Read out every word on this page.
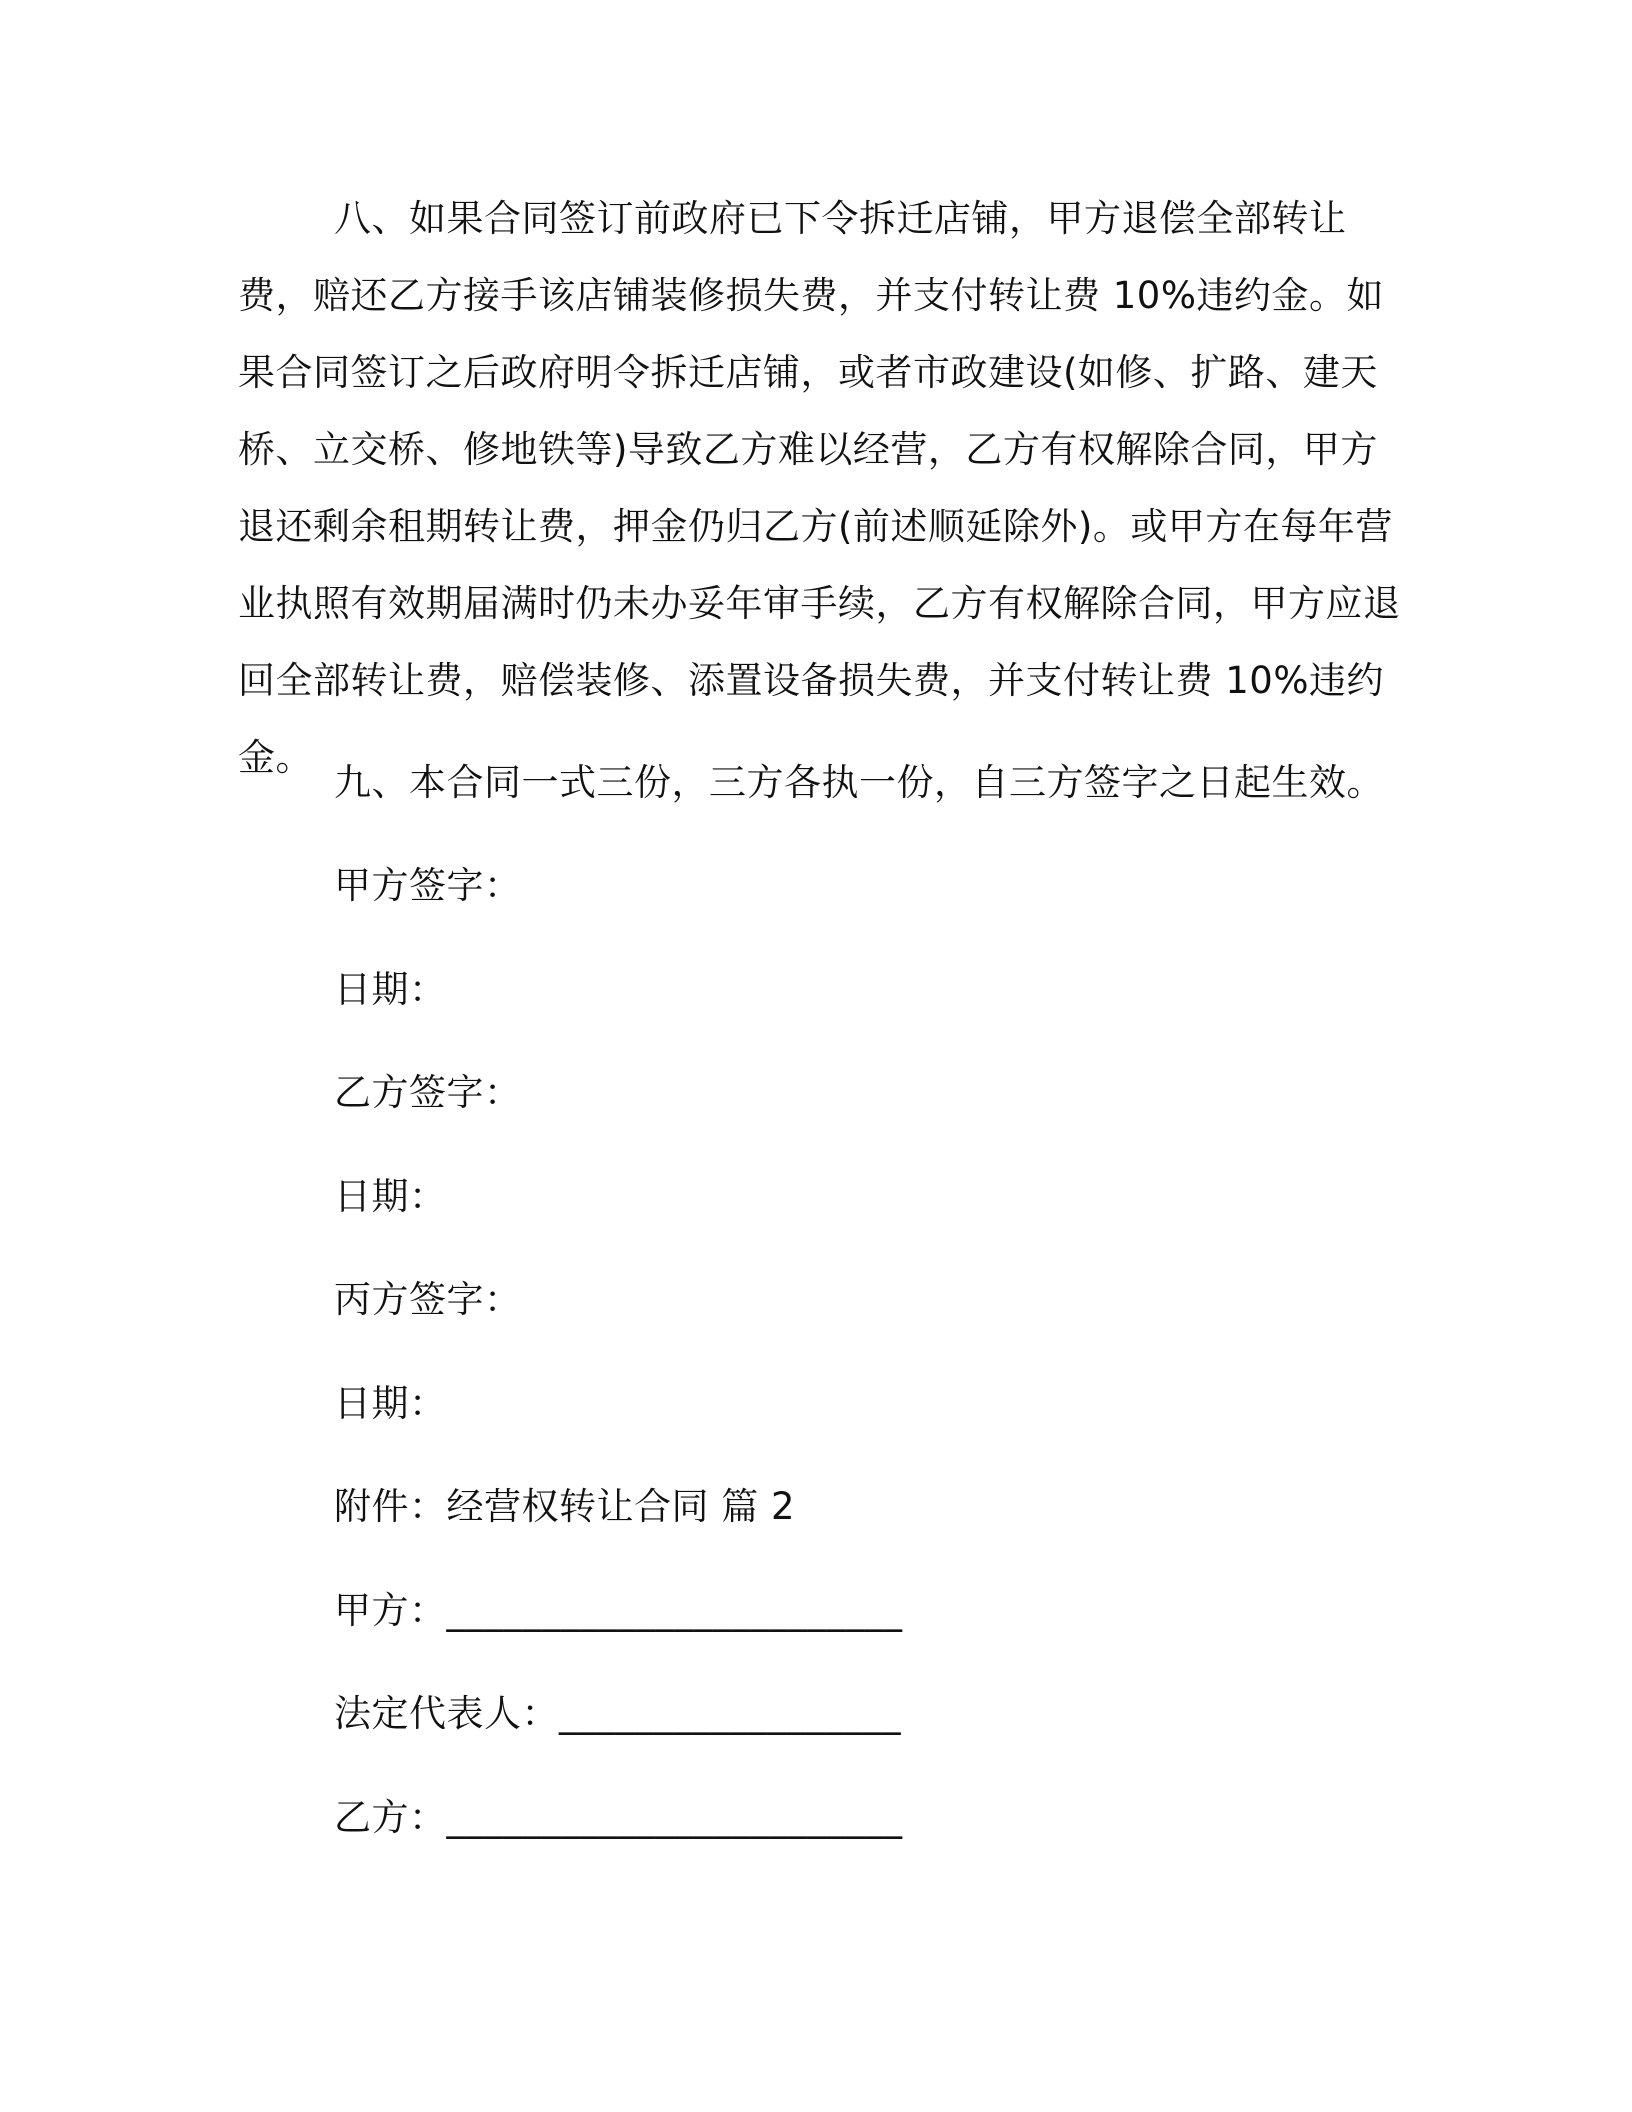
八、如果合同签订前政府已下令拆迁店铺，甲方退偿全部转让费，赔还乙方接手该店铺装修损失费，并支付转让费 10%违约金。如果合同签订之后政府明令拆迁店铺，或者市政建设(如修、扩路、建天桥、立交桥、修地铁等)导致乙方难以经营，乙方有权解除合同，甲方退还剩余租期转让费，押金仍归乙方(前述顺延除外)。或甲方在每年营业执照有效期届满时仍未办妥年审手续，乙方有权解除合同，甲方应退回全部转让费，赔偿装修、添置设备损失费，并支付转让费 10%违约金。

九、本合同一式三份，三方各执一份，自三方签字之日起生效。

甲方签字：

日期：

乙方签字：

日期：

丙方签字：

日期：

附件：经营权转让合同 篇 2

甲方：________________________

法定代表人：__________________

乙方：________________________
